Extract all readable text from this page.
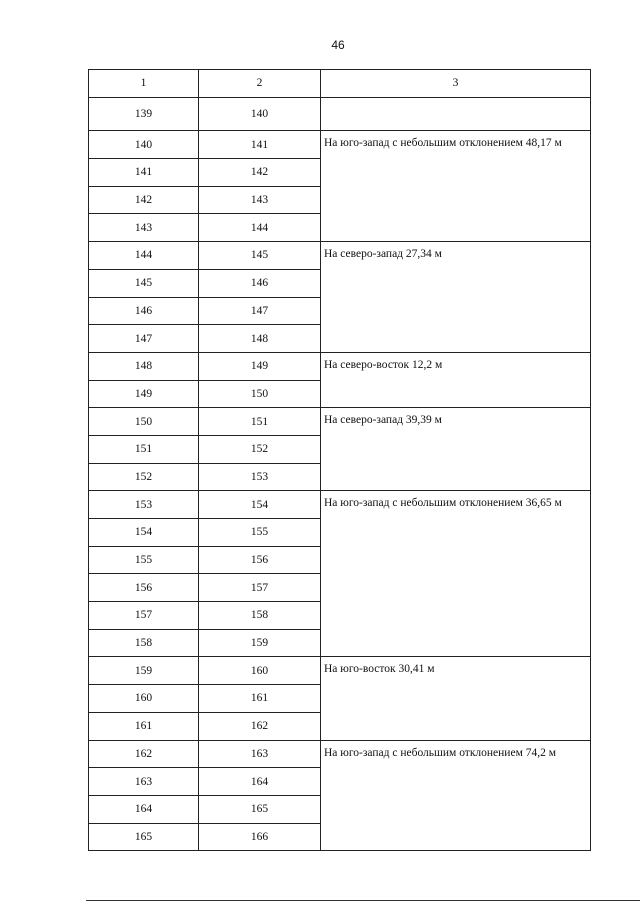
46
1	2	3
139	140	
140	141	На юго-запад с небольшим отклонением 48,17 м
141	142	
142	143	
143	144	
144	145	На северо-запад 27,34 м
145	146	
146	147	
147	148	
148	149	На северо-восток 12,2 м
149	150	
150	151	На северо-запад 39,39 м
151	152	
152	153	
153	154	На юго-запад с небольшим отклонением 36,65 м
154	155	
155	156	
156	157	
157	158	
158	159	
159	160	На юго-восток 30,41 м
160	161	
161	162	
162	163	На юго-запад с небольшим отклонением 74,2 м
163	164	
164	165	
165	166	
